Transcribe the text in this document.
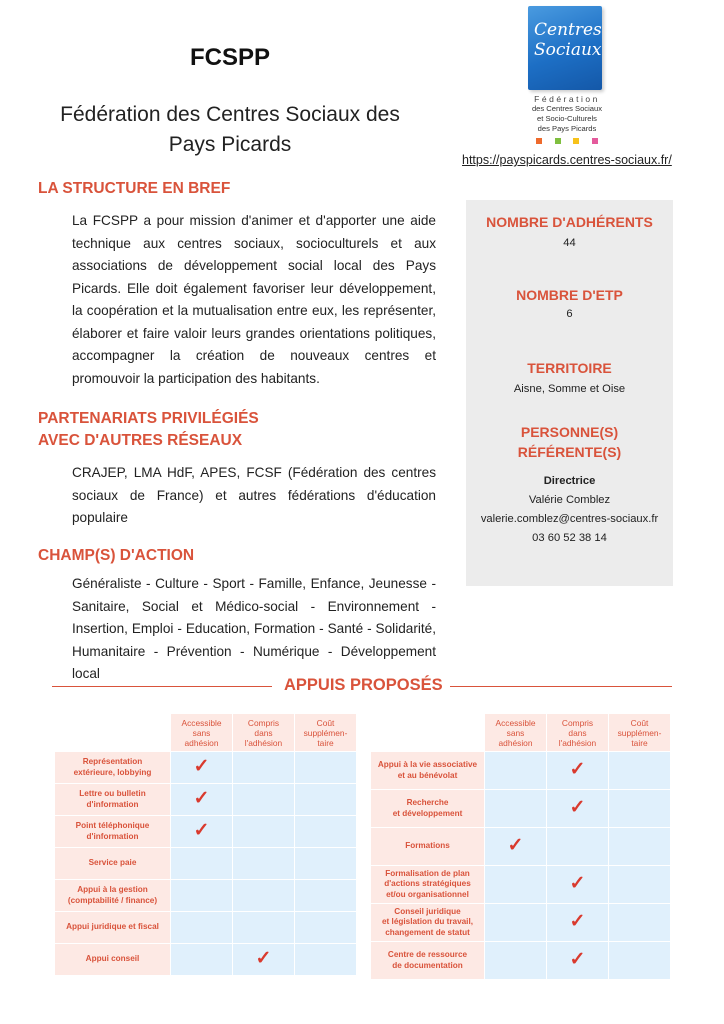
FCSPP
Fédération des Centres Sociaux des
Pays Picards
Centres
Sociaux
Fédération
des Centres Sociaux
et Socio-Culturels
des Pays Picards
https://payspicards.centres-sociaux.fr/
LA STRUCTURE EN BREF
La FCSPP a pour mission d'animer et d'apporter une aide technique aux centres sociaux, socioculturels et aux associations de développement social local des Pays Picards. Elle doit également favoriser leur développement, la coopération et la mutualisation entre eux, les représenter, élaborer et faire valoir leurs grandes orientations politiques, accompagner la création de nouveaux centres et promouvoir la participation des habitants.
PARTENARIATS PRIVILÉGIÉS
AVEC D'AUTRES RÉSEAUX
CRAJEP, LMA HdF, APES, FCSF (Fédération des centres sociaux de France) et autres fédérations d'éducation populaire
CHAMP(S) D'ACTION
Généraliste - Culture - Sport - Famille, Enfance, Jeunesse - Sanitaire, Social et Médico-social - Environnement - Insertion, Emploi - Education, Formation - Santé - Solidarité, Humanitaire - Prévention - Numérique - Développement local
NOMBRE D'ADHÉRENTS
44
NOMBRE D'ETP
6
TERRITOIRE
Aisne, Somme et Oise
PERSONNE(S)
RÉFÉRENTE(S)
Directrice
Valérie Comblez
valerie.comblez@centres-sociaux.fr
03 60 52 38 14
APPUIS PROPOSÉS

Accessible
sans
adhésion

Compris
dans
l'adhésion

Coût
supplémen-
taire

Représentation
extérieure, lobbying	✓		

Lettre ou bulletin
d'information	✓		

Point téléphonique
d'information	✓		

Service paie			

Appui à la gestion
(comptabilité / finance)			

Appui juridique et fiscal			

Appui conseil		✓	

Accessible
sans
adhésion

Compris
dans
l'adhésion

Coût
supplémen-
taire

Appui à la vie associative
et au bénévolat		✓	

Recherche
et développement		✓	

Formations	✓		

Formalisation de plan
d'actions stratégiques
et/ou organisationnel		✓	

Conseil juridique
et législation du travail,
changement de statut		✓	

Centre de ressource
de documentation		✓	
